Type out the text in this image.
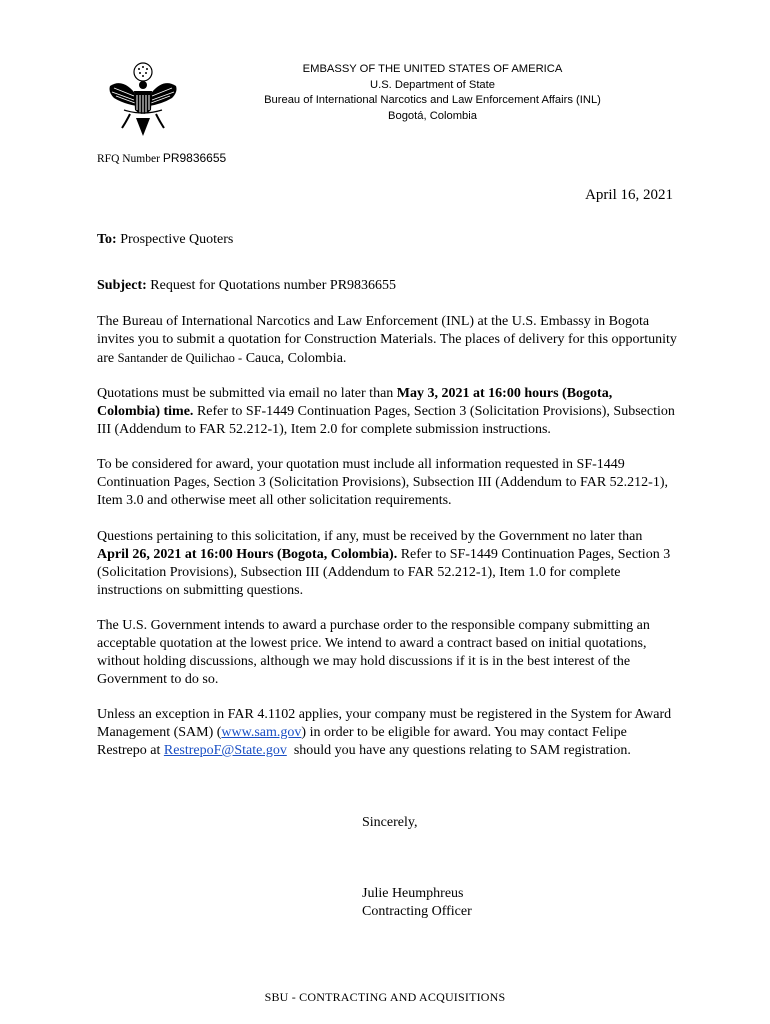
EMBASSY OF THE UNITED STATES OF AMERICA
U.S. Department of State
Bureau of International Narcotics and Law Enforcement Affairs (INL)
Bogotá, Colombia
RFQ Number PR9836655
April 16, 2021
To: Prospective Quoters
Subject: Request for Quotations number PR9836655

The Bureau of International Narcotics and Law Enforcement (INL) at the U.S. Embassy in Bogota invites you to submit a quotation for Construction Materials. The places of delivery for this opportunity are Santander de Quilichao - Cauca, Colombia.

Quotations must be submitted via email no later than May 3, 2021 at 16:00 hours (Bogota, Colombia) time. Refer to SF-1449 Continuation Pages, Section 3 (Solicitation Provisions), Subsection III (Addendum to FAR 52.212-1), Item 2.0 for complete submission instructions.

To be considered for award, your quotation must include all information requested in SF-1449 Continuation Pages, Section 3 (Solicitation Provisions), Subsection III (Addendum to FAR 52.212-1), Item 3.0 and otherwise meet all other solicitation requirements.

Questions pertaining to this solicitation, if any, must be received by the Government no later than April 26, 2021 at 16:00 Hours (Bogota, Colombia). Refer to SF-1449 Continuation Pages, Section 3 (Solicitation Provisions), Subsection III (Addendum to FAR 52.212-1), Item 1.0 for complete instructions on submitting questions.

The U.S. Government intends to award a purchase order to the responsible company submitting an acceptable quotation at the lowest price. We intend to award a contract based on initial quotations, without holding discussions, although we may hold discussions if it is in the best interest of the Government to do so.

Unless an exception in FAR 4.1102 applies, your company must be registered in the System for Award Management (SAM) (www.sam.gov) in order to be eligible for award. You may contact Felipe Restrepo at RestrepoF@State.gov should you have any questions relating to SAM registration.

Sincerely,
Julie Heumphreus
Contracting Officer
SBU - CONTRACTING AND ACQUISITIONS
